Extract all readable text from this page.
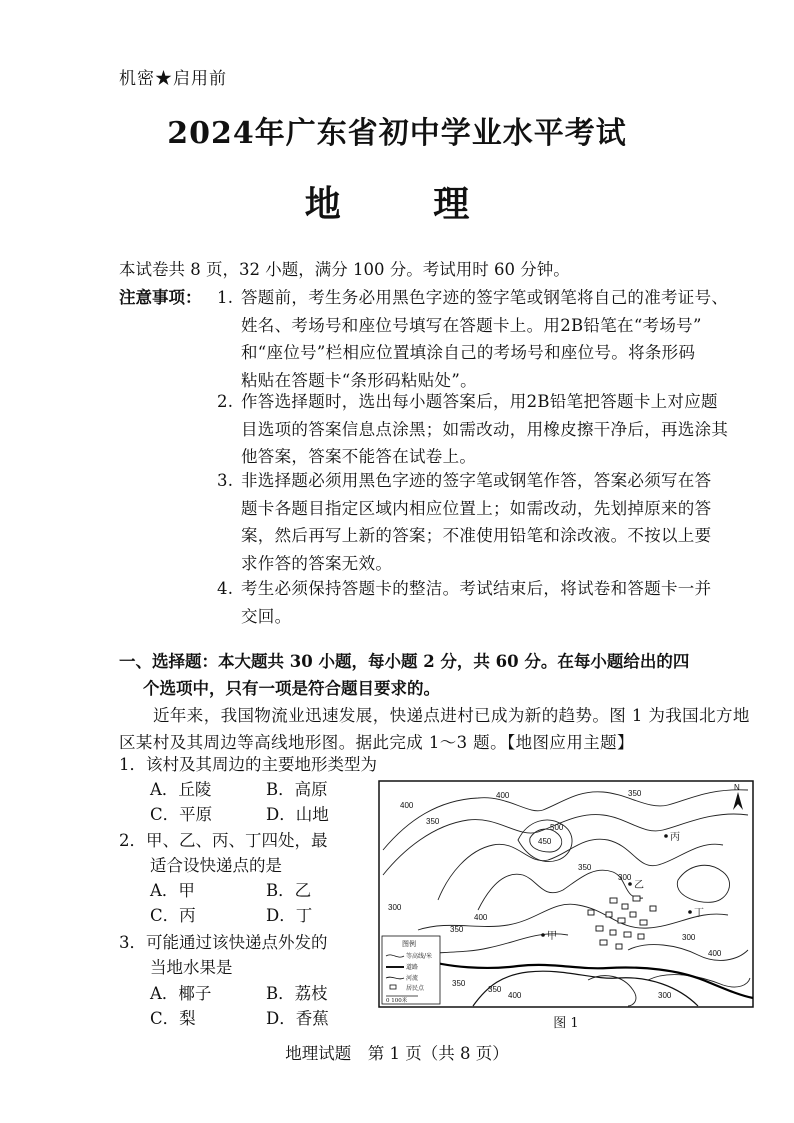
机密★启用前
2024年广东省初中学业水平考试
地 理
本试卷共 8 页，32 小题，满分 100 分。考试用时 60 分钟。
注意事项： 1. 答题前，考生务必用黑色字迹的签字笔或钢笔将自己的准考证号、
姓名、考场号和座位号填写在答题卡上。用2B铅笔在“考场号”
和“座位号”栏相应位置填涂自己的考场号和座位号。将条形码
粘贴在答题卡“条形码粘贴处”。
2. 作答选择题时，选出每小题答案后，用2B铅笔把答题卡上对应题
目选项的答案信息点涂黑；如需改动，用橡皮擦干净后，再选涂其
他答案，答案不能答在试卷上。
3. 非选择题必须用黑色字迹的签字笔或钢笔作答，答案必须写在答
题卡各题目指定区域内相应位置上；如需改动，先划掉原来的答
案，然后再写上新的答案；不准使用铅笔和涂改液。不按以上要
求作答的答案无效。
4. 考生必须保持答题卡的整洁。考试结束后，将试卷和答题卡一并
交回。
一、选择题：本大题共 30 小题，每小题 2 分，共 60 分。在每小题给出的四
个选项中，只有一项是符合题目要求的。
近年来，我国物流业迅速发展，快递点进村已成为新的趋势。图 1 为我国北方地区某村及其周边等高线地形图。据此完成 1～3 题。【地图应用主题】
1．该村及其周边的主要地形类型为
A．丘陵	B．高原
C．平原	D．山地
2．甲、乙、丙、丁四处，最
适合设快递点的是
A．甲	B．乙
C．丙	D．丁
3．可能通过该快递点外发的
当地水果是
A．椰子	B．荔枝
C．梨	D．香蕉
400
350
300
450
500
400
350
300
350
400
350
300
400
350
300
350
400
甲
乙
丙
丁
N
图例
等高线/米
道路
河流
居民点
0 100米
图 1
地理试题　第 1 页（共 8 页）
